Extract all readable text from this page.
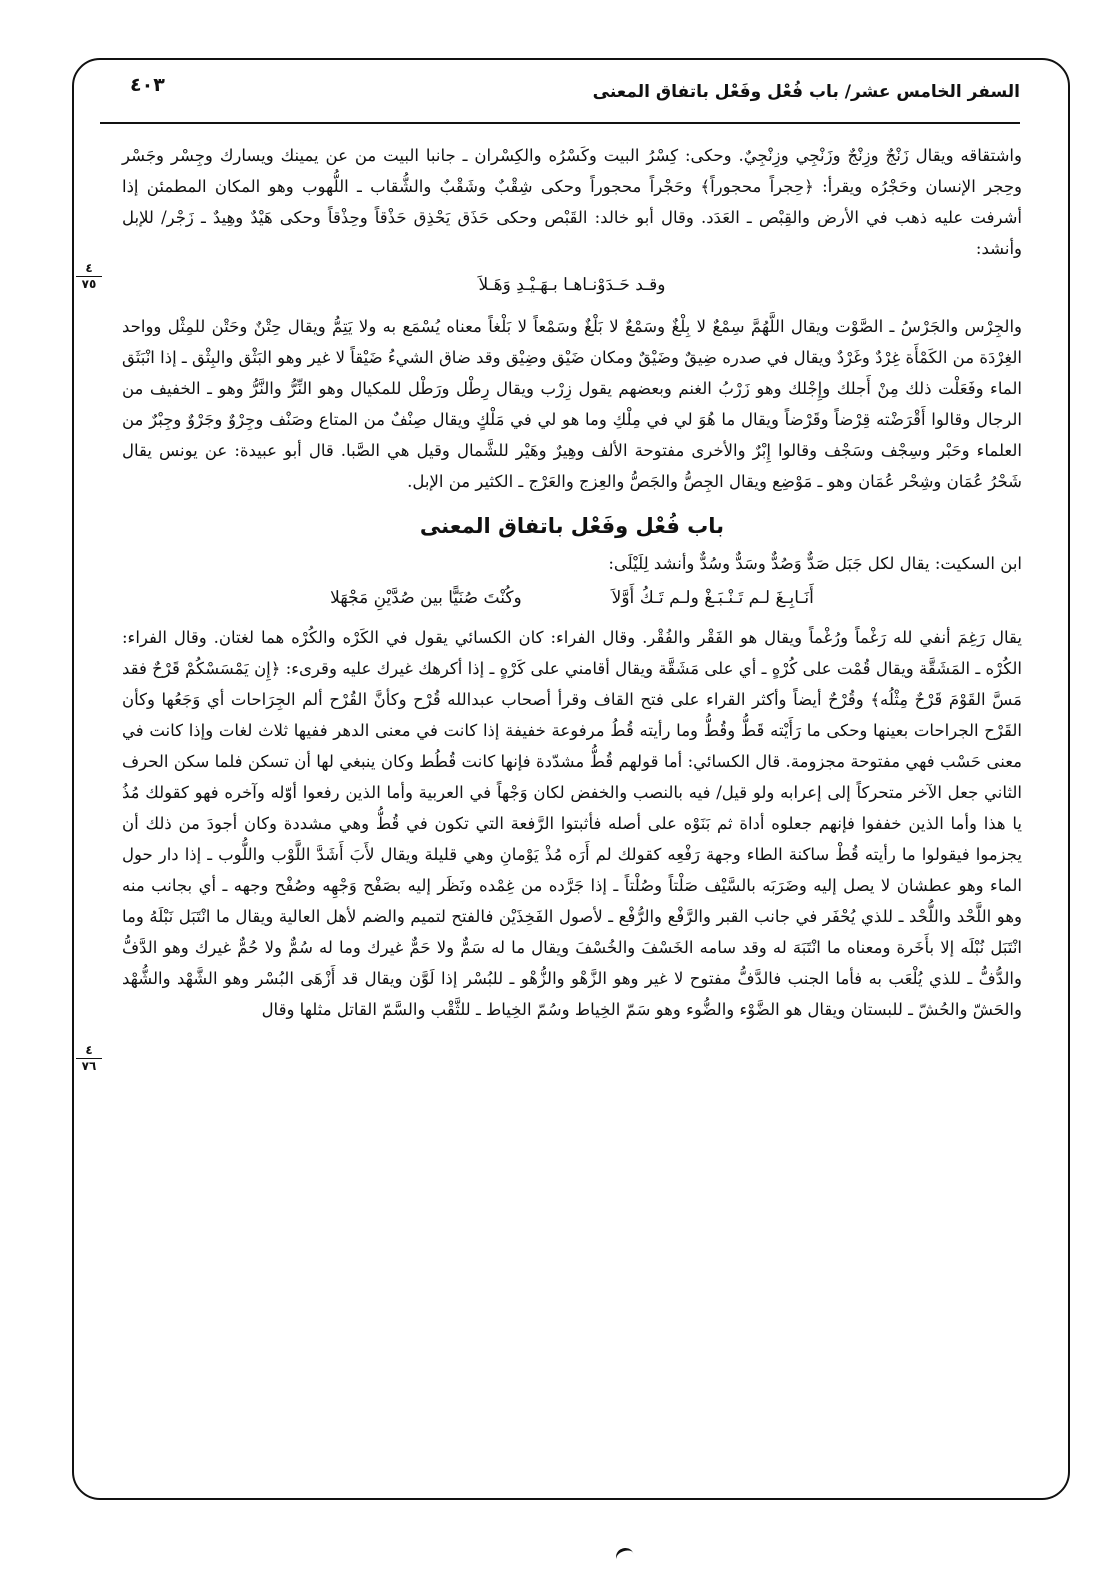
السفر الخامس عشر/ باب فُعْل وفَعْل باتفاق المعنى
٤٠٣
٤
٧٥
٤
٧٦

واشتقاقه ويقال زَنْجٌ وزِنْجٌ وزَنْجِي وزِنْجِيٌ. وحكى: كِسْرُ البيت وكَسْرُه والكِسْران ـ جانبا البيت من عن يمينك ويسارك وجِسْر وجَسْر وحِجر الإنسان وحَجْرُه ويقرأ: ﴿حِجراً محجوراً﴾ وحَجْراً محجوراً وحكى شِقْبٌ وشَقْبٌ والشُّقاب ـ اللُّهوب وهو المكان المطمئن إذا أشرفت عليه ذهب في الأرض والقِبْص ـ العَدَد. وقال أبو خالد: القَبْص وحكى حَذَق يَحْذِق حَذْقاً وحِذْقاً وحكى هَيْدٌ وهِيدٌ ـ زَجْر/ للإبل وأنشد:

وقـد حَـدَوْنـاهـا بـهَـيْـدِ وَهَـلاَ

والجِرْس والجَرْسُ ـ الصَّوْت ويقال اللَّهُمَّ سِمْعٌ لا بِلْغٌ وسَمْعٌ لا بَلْغٌ وسَمْعاً لا بَلْغاً معناه يُسْمَع به ولا يَتِمُّ ويقال حِتْنٌ وحَتْن للمِثْل وواحد الغِرْدَة من الكَمْأَة غِرْدٌ وغَرْدٌ ويقال في صدره ضِيقٌ وضَيْقٌ ومكان ضَيْق وضِيْق وقد ضاق الشيءُ ضَيْقاً لا غير وهو البَثْق والبِثْق ـ إذا انْبَثَق الماء وفَعَلْت ذلك مِنْ أَجلك وإِجْلك وهو زَرْبُ الغنم وبعضهم يقول زِرْب ويقال رِطْل ورَطْل للمكيال وهو النِّرُّ والنَّرُّ وهو ـ الخفيف من الرجال وقالوا أَقْرَضْته قِرْضاً وقَرْضاً ويقال ما هُوَ لي في مِلْكِ وما هو لي في مَلْكٍ ويقال صِنْفٌ من المتاع وصَنْف وجِرْوٌ وجَرْوٌ وجِبْرٌ من العلماء وحَبْر وسِجْف وسَجْف وقالوا إِبْرٌ والأخرى مفتوحة الألف وهِيرٌ وهَيْر للشَّمال وقيل هي الصَّبا. قال أبو عبيدة: عن يونس يقال شَحْرُ عُمَان وشِحْر عُمَان وهو ـ مَوْضِع ويقال الجِصُّ والجَصُّ والعِزج والعَرْج ـ الكثير من الإبل.

باب فُعْل وفَعْل باتفاق المعنى

ابن السكيت: يقال لكل جَبَل صَدٌّ وَصُدٌّ وسَدٌّ وسُدٌّ وأنشد لِلَيْلَى:

أَنَـابِـغَ لـم تَـنْـبَـغْ ولـم تَـكُ أَوَّلاَ
وكُنْتَ صُنَيًّا بين صُدَّيْنِ مَجْهَلا

يقال رَغِمَ أنفي لله رَغْماً ورُغْماً ويقال هو الفَقْر والفُقْر. وقال الفراء: كان الكسائي يقول في الكَرْه والكُرْه هما لغتان. وقال الفراء: الكُرْه ـ المَشَقَّة ويقال قُمْت على كُرْهٍ ـ أي على مَشَقَّة ويقال أقامني على كَرْهٍ ـ إذا أكرهك غيرك عليه وقرىء: ﴿إِن يَمْسَسْكُمْ قَرْحٌ فقد مَسَّ القَوْمَ قَرْحٌ مِثْلُه﴾ وقُرْحٌ أيضاً وأكثر القراء على فتح القاف وقرأ أصحاب عبدالله قُرْح وكأنَّ القُرْح ألم الجِرَاحات أي وَجَعُها وكأن القَرْح الجراحات بعينها وحكى ما رَأَيْته قَطُّ وقُطُّ وما رأيته قُطُ مرفوعة خفيفة إذا كانت في معنى الدهر ففيها ثلاث لغات وإذا كانت في معنى حَسْب فهي مفتوحة مجزومة. قال الكسائي: أما قولهم قُطُّ مشدّدة فإنها كانت قُطُط وكان ينبغي لها أن تسكن فلما سكن الحرف الثاني جعل الآخر متحركاً إلى إعرابه ولو قيل/ فيه بالنصب والخفض لكان وَجْهاً في العربية وأما الذين رفعوا أوّله وآخره فهو كقولك مُذُ يا هذا وأما الذين خففوا فإنهم جعلوه أداة ثم بَنَوْه على أصله فأثبتوا الرَّفعة التي تكون في قُطُّ وهي مشددة وكان أجودَ من ذلك أن يجزموا فيقولوا ما رأيته قُطْ ساكنة الطاء وجهة رَفْعِه كقولك لم أَرَه مُذْ يَوْمانِ وهي قليلة ويقال لأَبَ أَشَدَّ اللَّوْب واللُّوب ـ إذا دار حول الماء وهو عطشان لا يصل إليه وضَرَبَه بالسَّيْف صَلْتاً وصُلْتاً ـ إذا جَرَّده من غِمْده ونَظَر إليه بصَفْح وَجْهِه وصُفْح وجهه ـ أي بجانب منه وهو اللَّحْد واللُّحْد ـ للذي يُحْفَر في جانب القبر والرَّفْع والرُّفْع ـ لأصول الفَخِذَيْن فالفتح لتميم والضم لأهل العالية ويقال ما انْتَبَل نَبْلَهُ وما انْتَبَل نُبْلَه إلا بأَخَرة ومعناه ما انْتَبَهَ له وقد سامه الخَسْفَ والخُسْفَ ويقال ما له سَمٌّ ولا حَمٌّ غيرك وما له سُمٌّ ولا حُمٌّ غيرك وهو الدَّفُّ والدُّفُّ ـ للذي يُلْعَب به فأما الجنب فالدَّفُّ مفتوح لا غير وهو الزَّهْو والزُّهْو ـ للبُسْر إذا لَوَّن ويقال قد أَزْهَى البُسْر وهو الشَّهْد والشُّهْد والحَشّ والحُشّ ـ للبستان ويقال هو الضَّوْء والضُّوء وهو سَمّ الخِياط وسُمّ الخِياط ـ للثَّقْب والسَّمّ القاتل مثلها وقال
